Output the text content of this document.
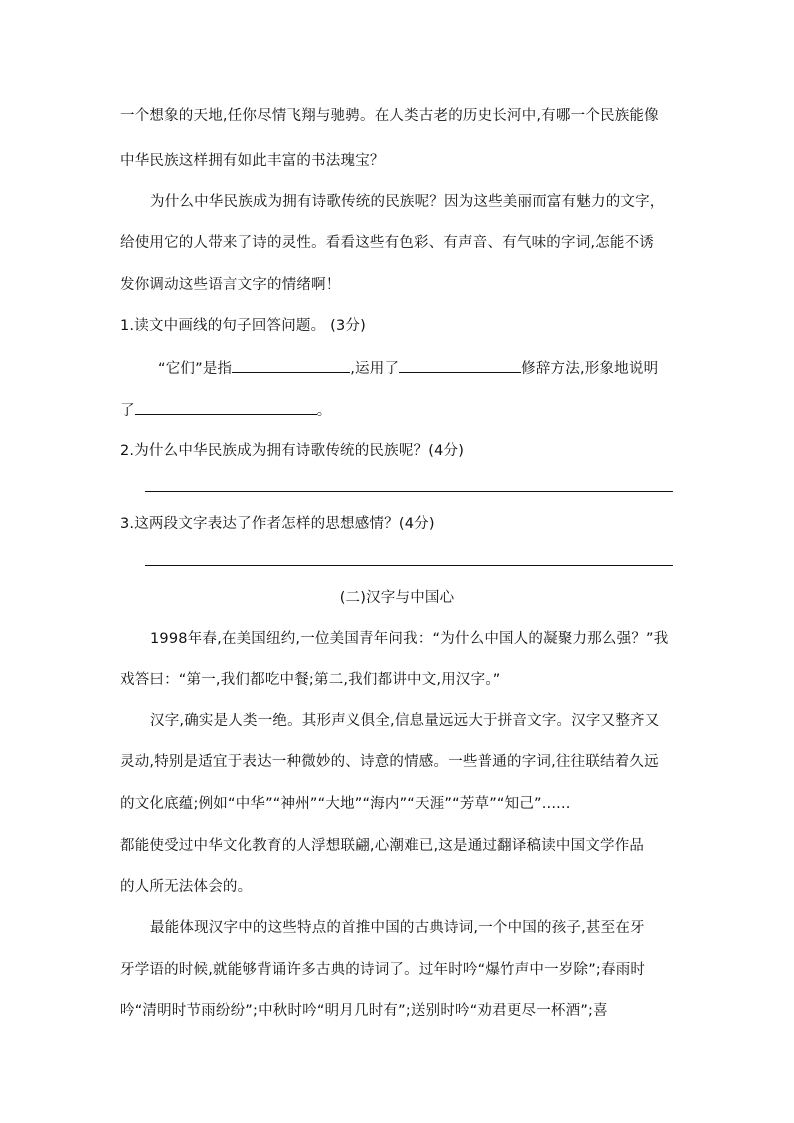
一个想象的天地,任你尽情飞翔与驰骋。在人类古老的历史长河中,有哪一个民族能像
中华民族这样拥有如此丰富的书法瑰宝？
为什么中华民族成为拥有诗歌传统的民族呢？因为这些美丽而富有魅力的文字，
给使用它的人带来了诗的灵性。看看这些有色彩、有声音、有气味的字词,怎能不诱
发你调动这些语言文字的情绪啊！
1.读文中画线的句子回答问题。 (3分)
“它们”是指	,运用了	修辞方法,形象地说明
了	。
2.为什么中华民族成为拥有诗歌传统的民族呢？(4分)
3.这两段文字表达了作者怎样的思想感情？(4分)
(二)汉字与中国心
1998年春,在美国纽约,一位美国青年问我：“为什么中国人的凝聚力那么强？”我
戏答曰：“第一,我们都吃中餐;第二,我们都讲中文,用汉字。”
汉字,确实是人类一绝。其形声义俱全,信息量远远大于拼音文字。汉字又整齐又
灵动,特别是适宜于表达一种微妙的、诗意的情感。一些普通的字词,往往联结着久远
的文化底蕴;例如“中华”“神州”“大地”“海内”“天涯”“芳草”“知己”......
都能使受过中华文化教育的人浮想联翩,心潮难已,这是通过翻译稿读中国文学作品
的人所无法体会的。
最能体现汉字中的这些特点的首推中国的古典诗词,一个中国的孩子,甚至在牙
牙学语的时候,就能够背诵许多古典的诗词了。过年时吟“爆竹声中一岁除”;春雨时
吟“清明时节雨纷纷”;中秋时吟“明月几时有”;送别时吟“劝君更尽一杯酒”;喜
